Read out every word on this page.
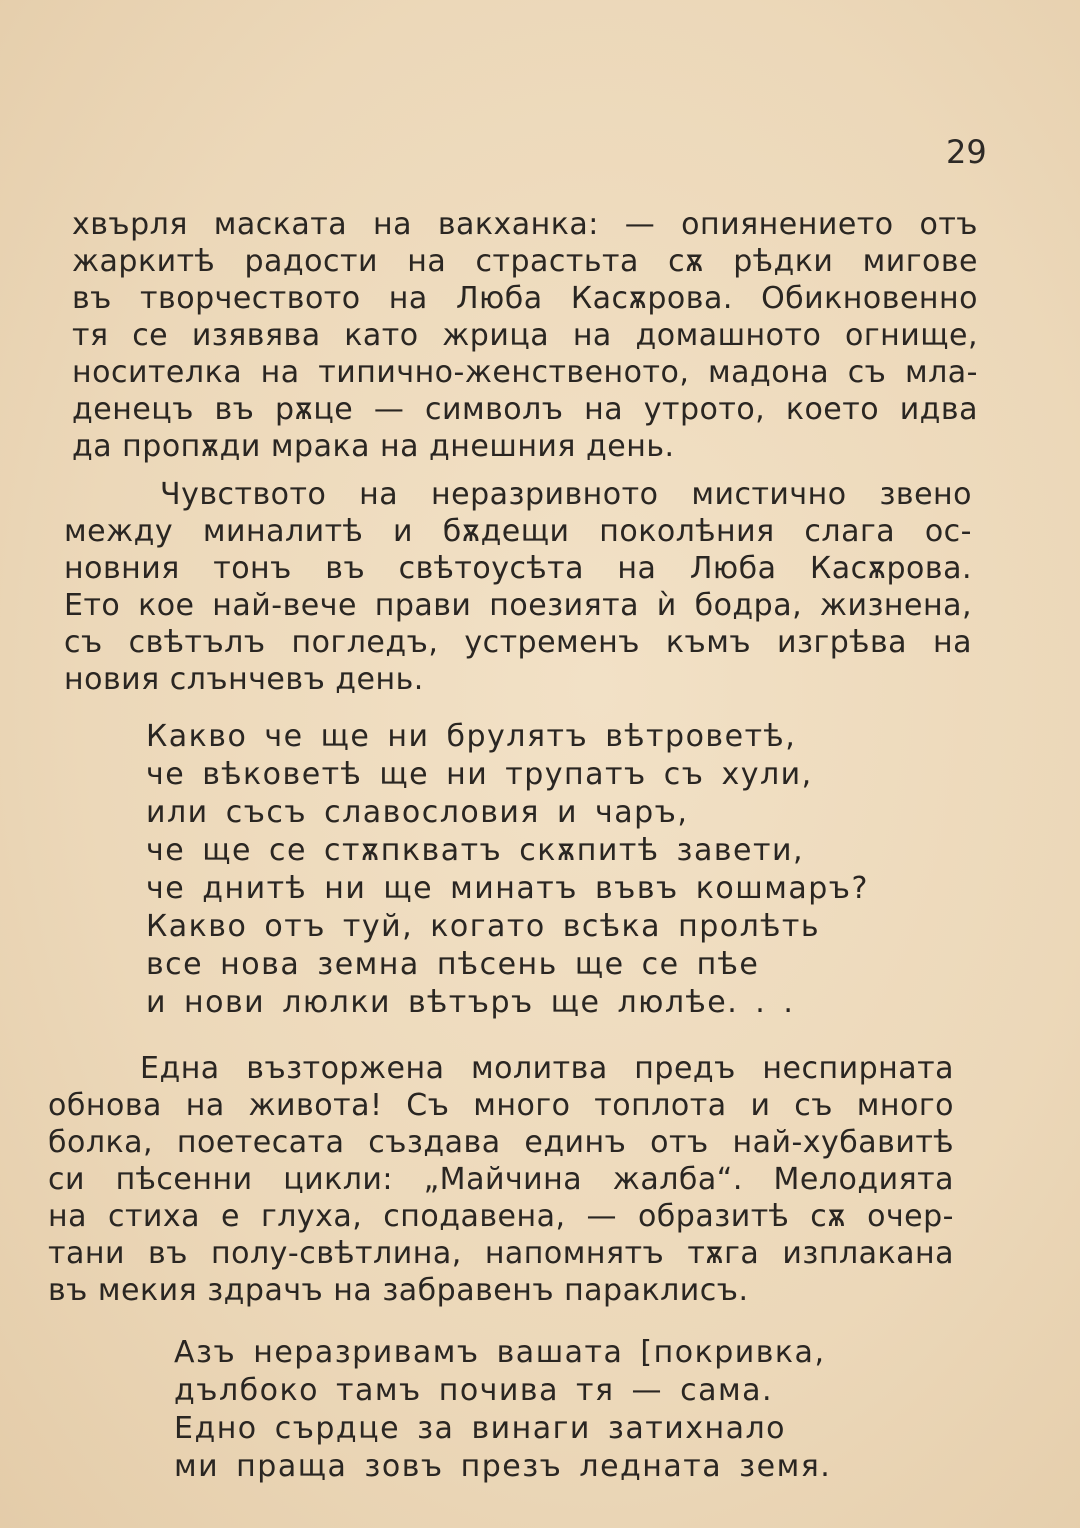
29
хвърля маската на вакханка: — опиянението отъ
жаркитѣ радости на страстьта сѫ рѣдки мигове
въ творчеството на Люба Касѫрова. Обикновенно
тя се изявява като жрица на домашното огнище,
носителка на типично-женственото, мадона съ мла-
денецъ въ рѫце — символъ на утрото, което идва
да пропѫди мрака на днешния день.
Чувството на неразривното мистично звено
между миналитѣ и бѫдещи поколѣния слага ос-
новния тонъ въ свѣтоусѣта на Люба Касѫрова.
Ето кое най-вече прави поезията ѝ бодра, жизнена,
съ свѣтълъ погледъ, устременъ къмъ изгрѣва на
новия слънчевъ день.
Какво че ще ни брулятъ вѣтроветѣ,
че вѣковетѣ ще ни трупатъ съ хули,
или съсъ славословия и чаръ,
че ще се стѫпкватъ скѫпитѣ завети,
че днитѣ ни ще минатъ въвъ кошмаръ?
Какво отъ туй, когато всѣка пролѣть
все нова земна пѣсень ще се пѣе
и нови люлки вѣтъръ ще люлѣе. . .
Една възторжена молитва предъ неспирната
обнова на живота! Съ много топлота и съ много
болка, поетесата създава единъ отъ най-хубавитѣ
си пѣсенни цикли: „Майчина жалба“. Мелодията
на стиха е глуха, сподавена, — образитѣ сѫ очер-
тани въ полу-свѣтлина, напомнятъ тѫга изплакана
въ мекия здрачъ на забравенъ параклисъ.
Азъ неразривамъ вашата [покривка,
дълбоко тамъ почива тя — сама.
Едно сърдце за винаги затихнало
ми праща зовъ презъ ледната земя.
